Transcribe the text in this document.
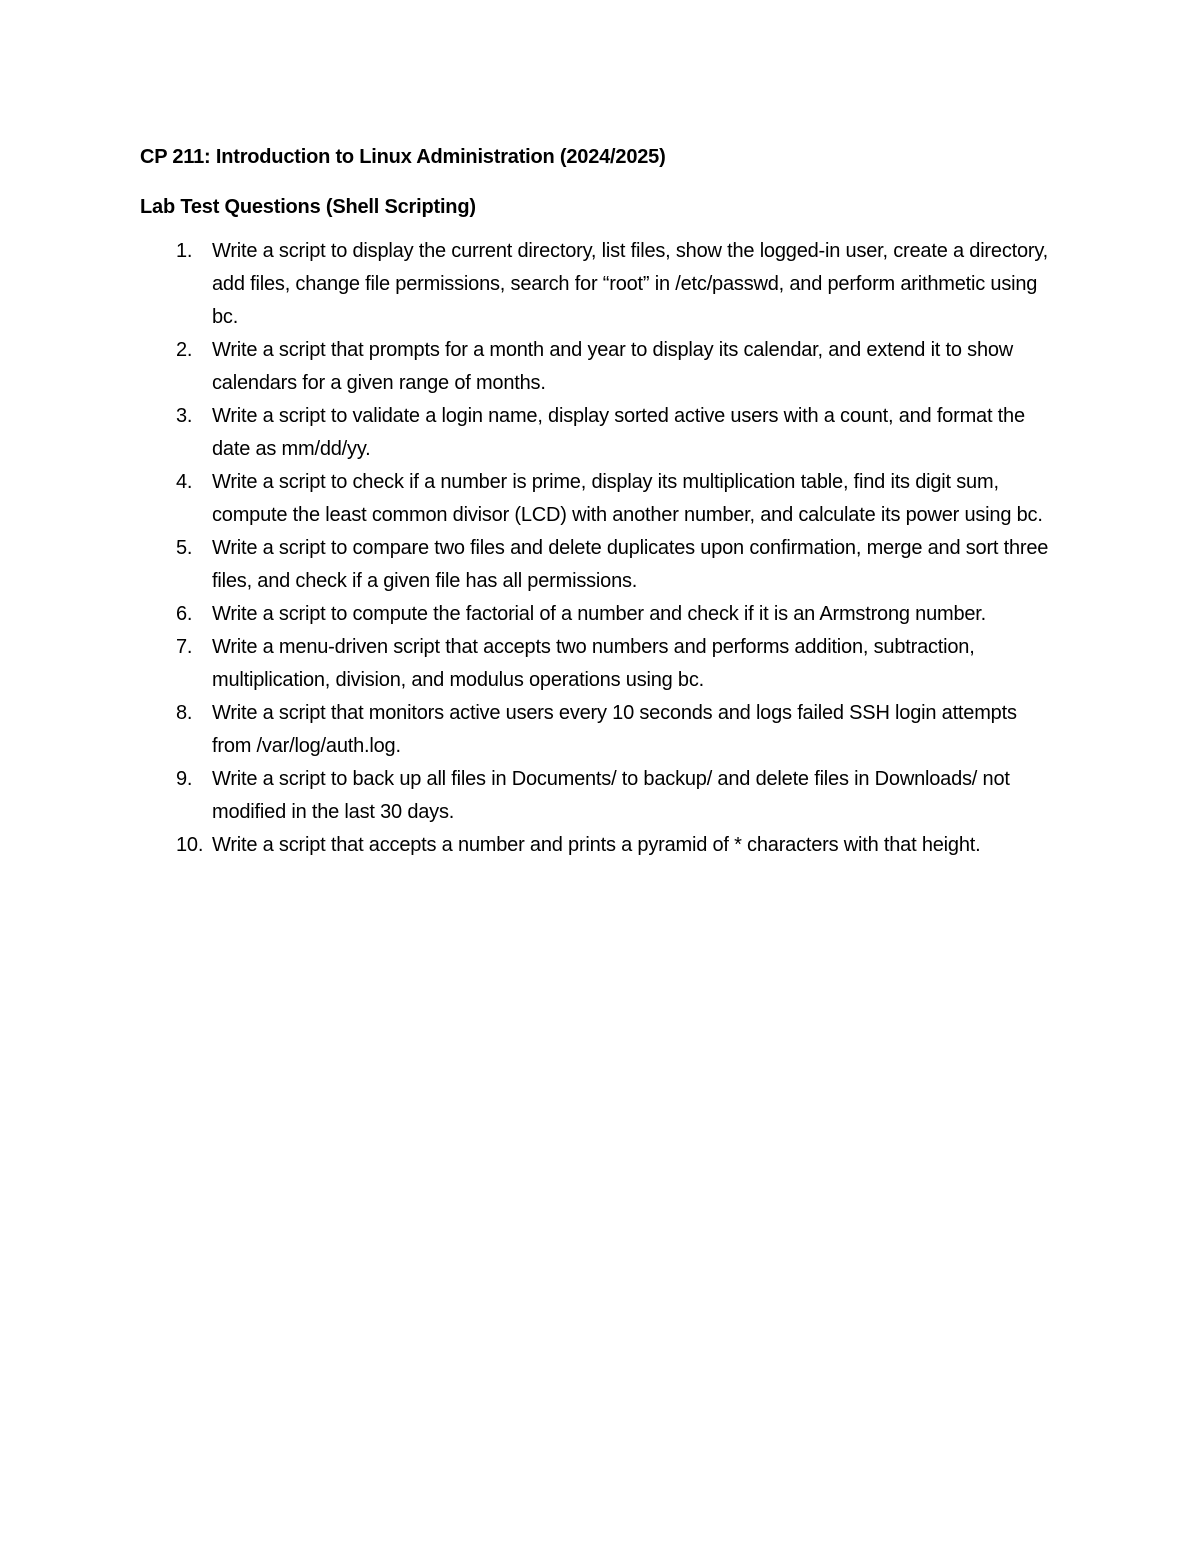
CP 211: Introduction to Linux Administration (2024/2025)
Lab Test Questions (Shell Scripting)
1. Write a script to display the current directory, list files, show the logged-in user, create a directory, add files, change file permissions, search for “root” in /etc/passwd, and perform arithmetic using bc.
2. Write a script that prompts for a month and year to display its calendar, and extend it to show calendars for a given range of months.
3. Write a script to validate a login name, display sorted active users with a count, and format the date as mm/dd/yy.
4. Write a script to check if a number is prime, display its multiplication table, find its digit sum, compute the least common divisor (LCD) with another number, and calculate its power using bc.
5. Write a script to compare two files and delete duplicates upon confirmation, merge and sort three files, and check if a given file has all permissions.
6. Write a script to compute the factorial of a number and check if it is an Armstrong number.
7. Write a menu-driven script that accepts two numbers and performs addition, subtraction, multiplication, division, and modulus operations using bc.
8. Write a script that monitors active users every 10 seconds and logs failed SSH login attempts from /var/log/auth.log.
9. Write a script to back up all files in Documents/ to backup/ and delete files in Downloads/ not modified in the last 30 days.
10. Write a script that accepts a number and prints a pyramid of * characters with that height.
